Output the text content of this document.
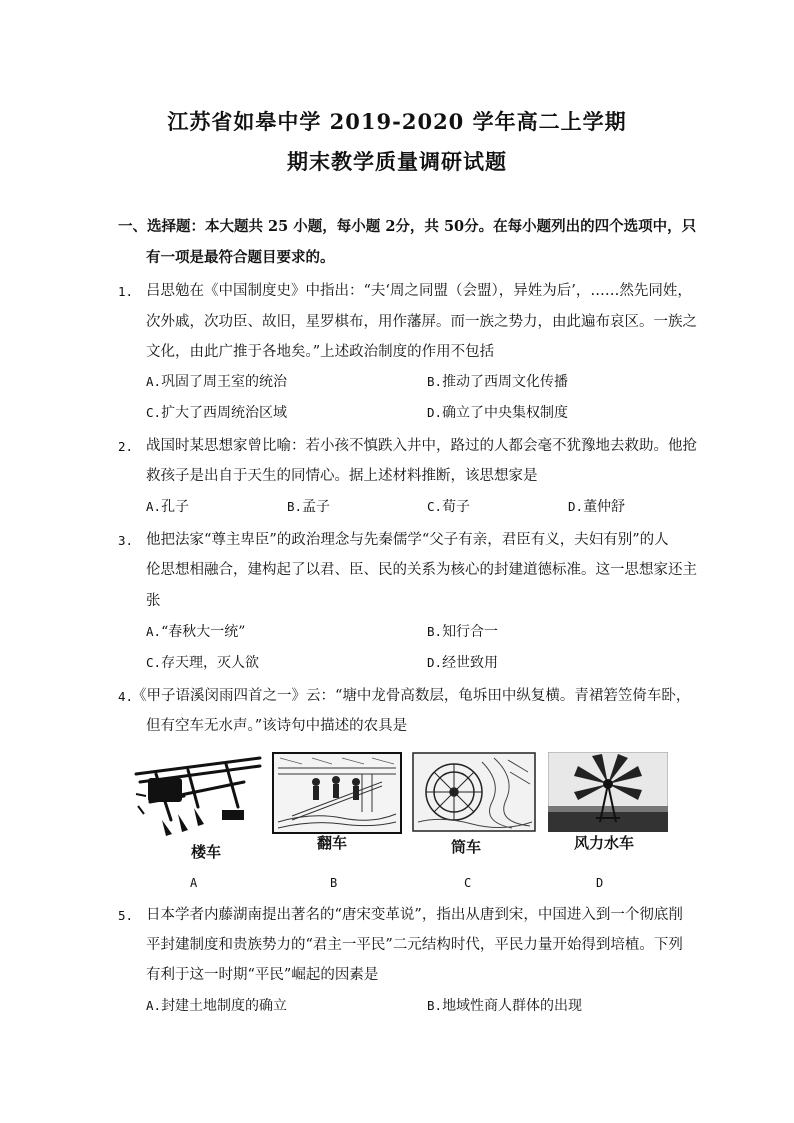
江苏省如皋中学 2019-2020 学年高二上学期
期末教学质量调研试题
一、选择题：本大题共 25 小题，每小题 2分，共 50分。在每小题列出的四个选项中，只
有一项是最符合题目要求的。
1. 吕思勉在《中国制度史》中指出：“夫‘周之同盟（会盟），异姓为后’，……然先同姓，
次外戚，次功臣、故旧，星罗棋布，用作藩屏。而一族之势力，由此遍布哀区。一族之
文化，由此广推于各地矣。”上述政治制度的作用不包括
A.巩固了周王室的统治	B.推动了西周文化传播
C.扩大了西周统治区域	D.确立了中央集权制度
2. 战国时某思想家曾比喻：若小孩不慎跌入井中，路过的人都会毫不犹豫地去救助。他抢
救孩子是出自于天生的同情心。据上述材料推断，该思想家是
A.孔子	B.孟子	C.荀子	D.董仲舒
3. 他把法家“尊主卑臣”的政治理念与先秦儒学“父子有亲，君臣有义，夫妇有别”的人
伦思想相融合，建构起了以君、臣、民的关系为核心的封建道德标准。这一思想家还主
张
A.“春秋大一统”	B.知行合一
C.存天理，灭人欲	D.经世致用
4.
《甲子语溪闵雨四首之一》云：“塘中龙骨高数层，龟坼田中纵复横。青裙箬笠倚车卧，
但有空车无水声。”该诗句中描述的农具是
楼车	翻车	筒车	风力水车
A	B	C	D
5. 日本学者内藤湖南提出著名的“唐宋变革说”，指出从唐到宋，中国进入到一个彻底削
平封建制度和贵族势力的“君主一平民”二元结构时代，平民力量开始得到培植。下列
有利于这一时期“平民”崛起的因素是
A.封建土地制度的确立	B.地域性商人群体的出现
